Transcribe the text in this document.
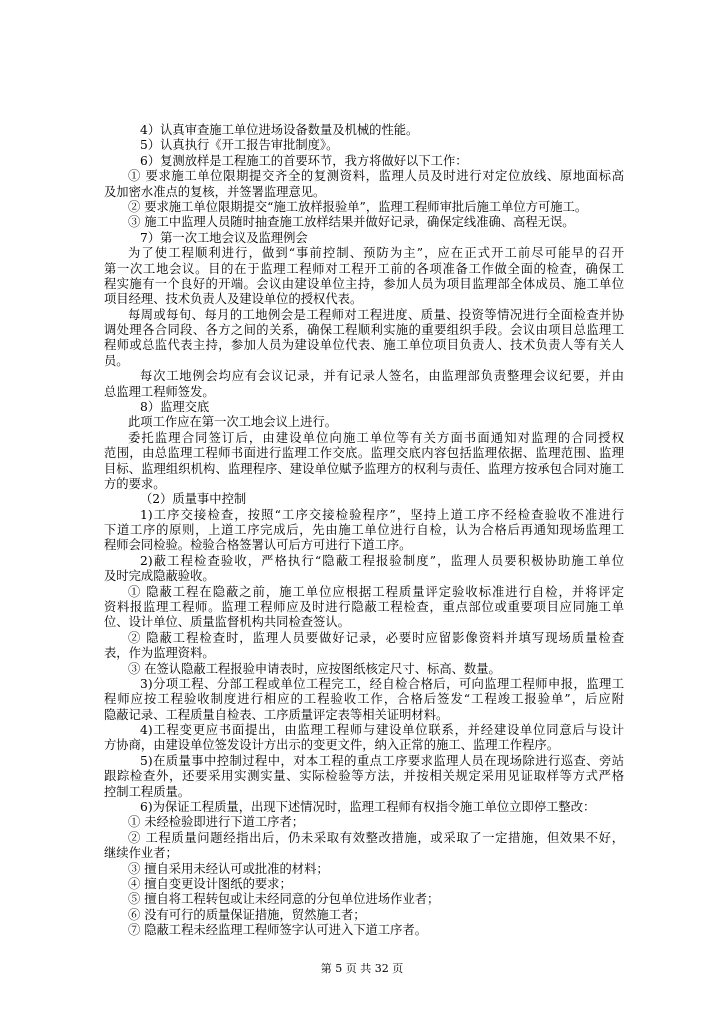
4）认真审查施工单位进场设备数量及机械的性能。
5）认真执行《开工报告审批制度》。
6）复测放样是工程施工的首要环节，我方将做好以下工作：
① 要求施工单位限期提交齐全的复测资料，监理人员及时进行对定位放线、原地面标高
及加密水准点的复核，并签署监理意见。
② 要求施工单位限期提交“施工放样报验单”，监理工程师审批后施工单位方可施工。
③ 施工中监理人员随时抽查施工放样结果并做好记录，确保定线准确、高程无误。
7）第一次工地会议及监理例会
为了使工程顺利进行，做到“事前控制、预防为主”，应在正式开工前尽可能早的召开
第一次工地会议。目的在于监理工程师对工程开工前的各项准备工作做全面的检查，确保工
程实施有一个良好的开端。会议由建设单位主持，参加人员为项目监理部全体成员、施工单位
项目经理、技术负责人及建设单位的授权代表。
每周或每旬、每月的工地例会是工程师对工程进度、质量、投资等情况进行全面检查并协
调处理各合同段、各方之间的关系，确保工程顺利实施的重要组织手段。会议由项目总监理工
程师或总监代表主持，参加人员为建设单位代表、施工单位项目负责人、技术负责人等有关人
员。
每次工地例会均应有会议记录，并有记录人签名，由监理部负责整理会议纪要，并由
总监理工程师签发。
8）监理交底
此项工作应在第一次工地会议上进行。
委托监理合同签订后，由建设单位向施工单位等有关方面书面通知对监理的合同授权
范围，由总监理工程师书面进行监理工作交底。监理交底内容包括监理依据、监理范围、监理
目标、监理组织机构、监理程序、建设单位赋予监理方的权利与责任、监理方按承包合同对施工
方的要求。
（2）质量事中控制
1)工序交接检查，按照“工序交接检验程序”，坚持上道工序不经检查验收不准进行
下道工序的原则，上道工序完成后，先由施工单位进行自检，认为合格后再通知现场监理工
程师会同检验。检验合格签署认可后方可进行下道工序。
2)蔽工程检查验收，严格执行“隐蔽工程报验制度”，监理人员要积极协助施工单位
及时完成隐蔽验收。
① 隐蔽工程在隐蔽之前，施工单位应根据工程质量评定验收标准进行自检，并将评定
资料报监理工程师。监理工程师应及时进行隐蔽工程检查，重点部位或重要项目应同施工单
位、设计单位、质量监督机构共同检查签认。
② 隐蔽工程检查时，监理人员要做好记录，必要时应留影像资料并填写现场质量检查
表，作为监理资料。
③ 在签认隐蔽工程报验申请表时，应按图纸核定尺寸、标高、数量。
3)分项工程、分部工程或单位工程完工，经自检合格后，可向监理工程师申报，监理工
程师应按工程验收制度进行相应的工程验收工作，合格后签发“工程竣工报验单”，后应附
隐蔽记录、工程质量自检表、工序质量评定表等相关证明材料。
4)工程变更应书面提出，由监理工程师与建设单位联系，并经建设单位同意后与设计
方协商，由建设单位签发设计方出示的变更文件，纳入正常的施工、监理工作程序。
5)在质量事中控制过程中，对本工程的重点工序要求监理人员在现场除进行巡查、旁站
跟踪检查外，还要采用实测实量、实际检验等方法，并按相关规定采用见证取样等方式严格
控制工程质量。
6)为保证工程质量，出现下述情况时，监理工程师有权指令施工单位立即停工整改：
① 未经检验即进行下道工序者；
② 工程质量问题经指出后，仍未采取有效整改措施，或采取了一定措施，但效果不好，
继续作业者；
③ 擅自采用未经认可或批准的材料；
④ 擅自变更设计图纸的要求；
⑤ 擅自将工程转包或让未经同意的分包单位进场作业者；
⑥ 没有可行的质量保证措施，贸然施工者；
⑦ 隐蔽工程未经监理工程师签字认可进入下道工序者。
第 5 页 共 32 页
